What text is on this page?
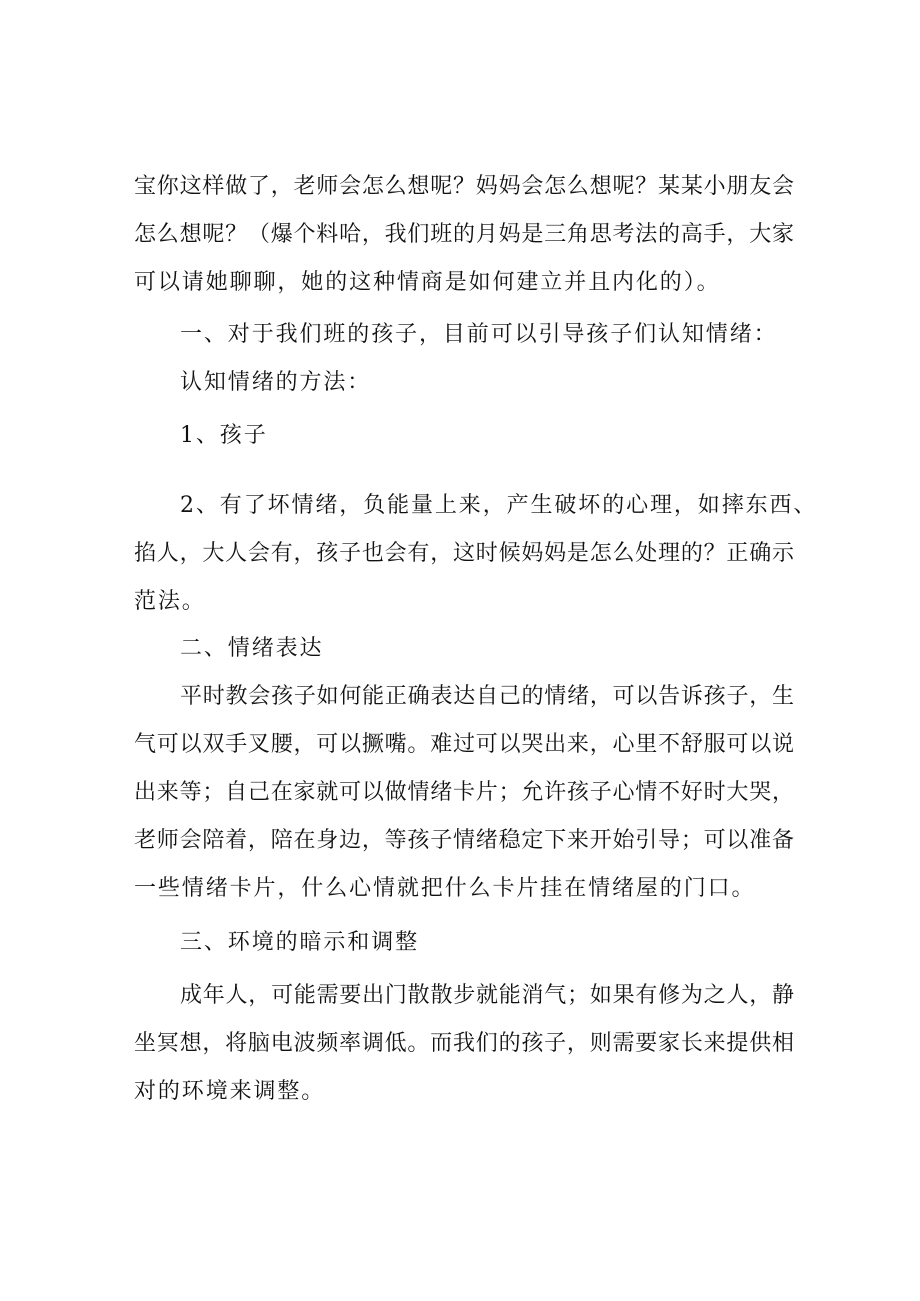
宝你这样做了，老师会怎么想呢？妈妈会怎么想呢？某某小朋友会
怎么想呢？（爆个料哈，我们班的月妈是三角思考法的高手，大家
可以请她聊聊，她的这种情商是如何建立并且内化的）。
一、对于我们班的孩子，目前可以引导孩子们认知情绪：
认知情绪的方法：
1、孩子
2、有了坏情绪，负能量上来，产生破坏的心理，如摔东西、
掐人，大人会有，孩子也会有，这时候妈妈是怎么处理的？正确示
范法。
二、情绪表达
平时教会孩子如何能正确表达自己的情绪，可以告诉孩子，生
气可以双手叉腰，可以撅嘴。难过可以哭出来，心里不舒服可以说
出来等；自己在家就可以做情绪卡片；允许孩子心情不好时大哭，
老师会陪着，陪在身边，等孩子情绪稳定下来开始引导；可以准备
一些情绪卡片，什么心情就把什么卡片挂在情绪屋的门口。
三、环境的暗示和调整
成年人，可能需要出门散散步就能消气；如果有修为之人，静
坐冥想，将脑电波频率调低。而我们的孩子，则需要家长来提供相
对的环境来调整。
